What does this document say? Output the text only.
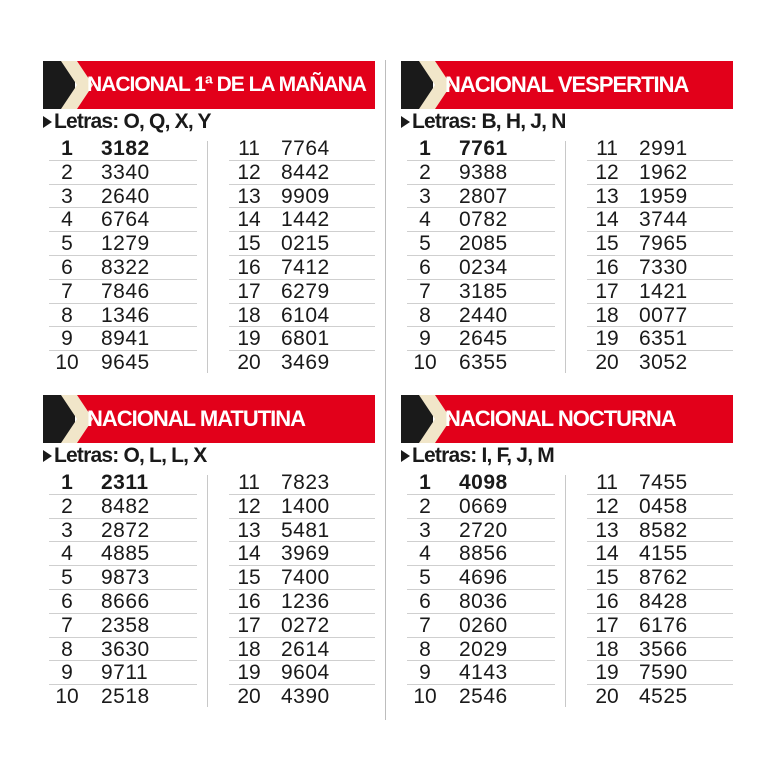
NACIONAL 1ª DE LA MAÑANA
Letras: O, Q, X, Y
1	3182
2	3340
3	2640
4	6764
5	1279
6	8322
7	7846
8	1346
9	8941
10 9645
11	7764
12 8442
13 9909
14 1442
15 0215
16 7412
17 6279
18 6104
19 6801
20 3469
NACIONAL VESPERTINA
Letras: B, H, J, N
1	7761
2	9388
3	2807
4	0782
5	2085
6	0234
7	3185
8	2440
9	2645
10 6355
11	2991
12 1962
13 1959
14 3744
15 7965
16 7330
17 1421
18 0077
19 6351
20 3052
NACIONAL MATUTINA
Letras: O, L, L, X
1	2311
2	8482
3	2872
4	4885
5	9873
6	8666
7	2358
8	3630
9	9711
10 2518
11	7823
12 1400
13 5481
14 3969
15 7400
16 1236
17 0272
18 2614
19 9604
20 4390
NACIONAL NOCTURNA
Letras: I, F, J, M
1	4098
2	0669
3	2720
4	8856
5	4696
6	8036
7	0260
8	2029
9	4143
10 2546
11	7455
12 0458
13 8582
14 4155
15 8762
16 8428
17 6176
18 3566
19 7590
20 4525
